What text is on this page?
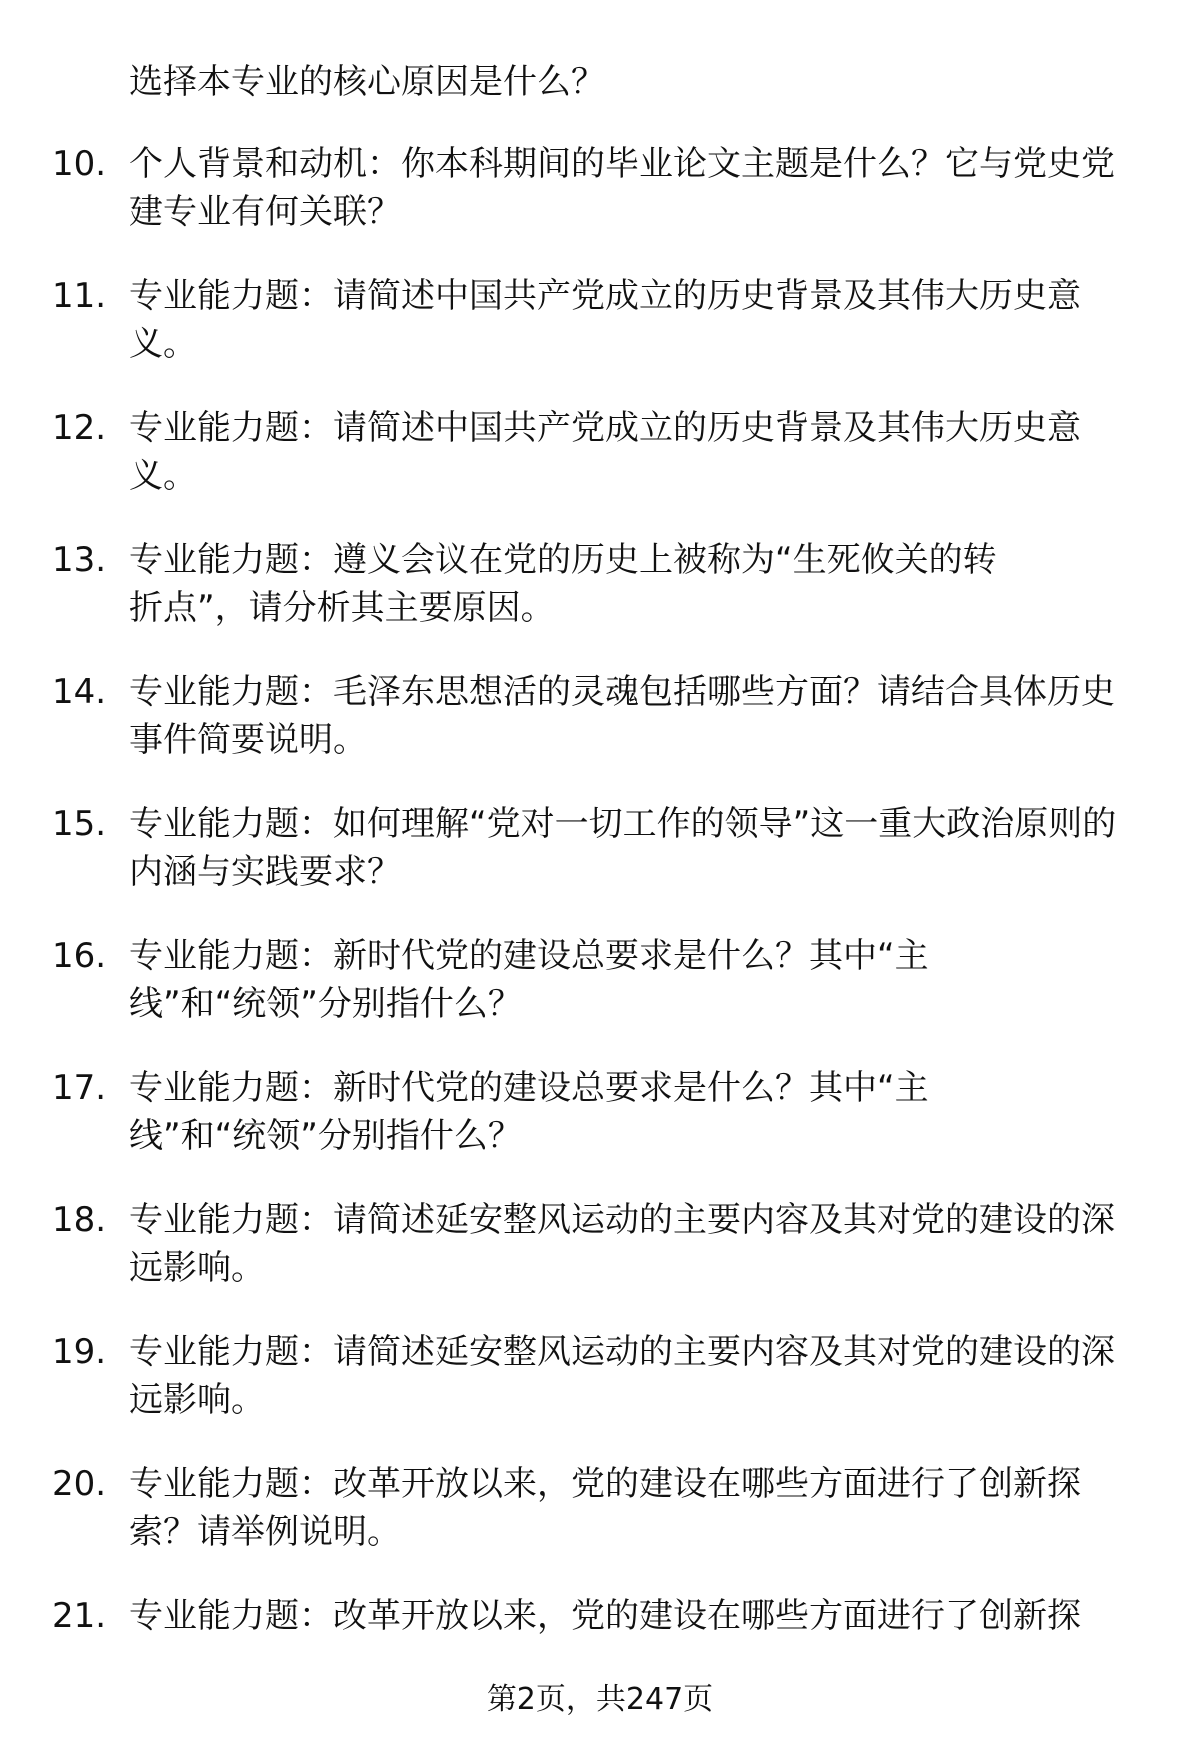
选择本专业的核心原因是什么？
10. 个人背景和动机：你本科期间的毕业论文主题是什么？它与党史党建专业有何关联？
11. 专业能力题：请简述中国共产党成立的历史背景及其伟大历史意义。
12. 专业能力题：请简述中国共产党成立的历史背景及其伟大历史意义。
13. 专业能力题：遵义会议在党的历史上被称为“生死攸关的转折点”，请分析其主要原因。
14. 专业能力题：毛泽东思想活的灵魂包括哪些方面？请结合具体历史事件简要说明。
15. 专业能力题：如何理解“党对一切工作的领导”这一重大政治原则的内涵与实践要求？
16. 专业能力题：新时代党的建设总要求是什么？其中“主线”和“统领”分别指什么？
17. 专业能力题：新时代党的建设总要求是什么？其中“主线”和“统领”分别指什么？
18. 专业能力题：请简述延安整风运动的主要内容及其对党的建设的深远影响。
19. 专业能力题：请简述延安整风运动的主要内容及其对党的建设的深远影响。
20. 专业能力题：改革开放以来，党的建设在哪些方面进行了创新探索？请举例说明。
21. 专业能力题：改革开放以来，党的建设在哪些方面进行了创新探
第2页，共247页
